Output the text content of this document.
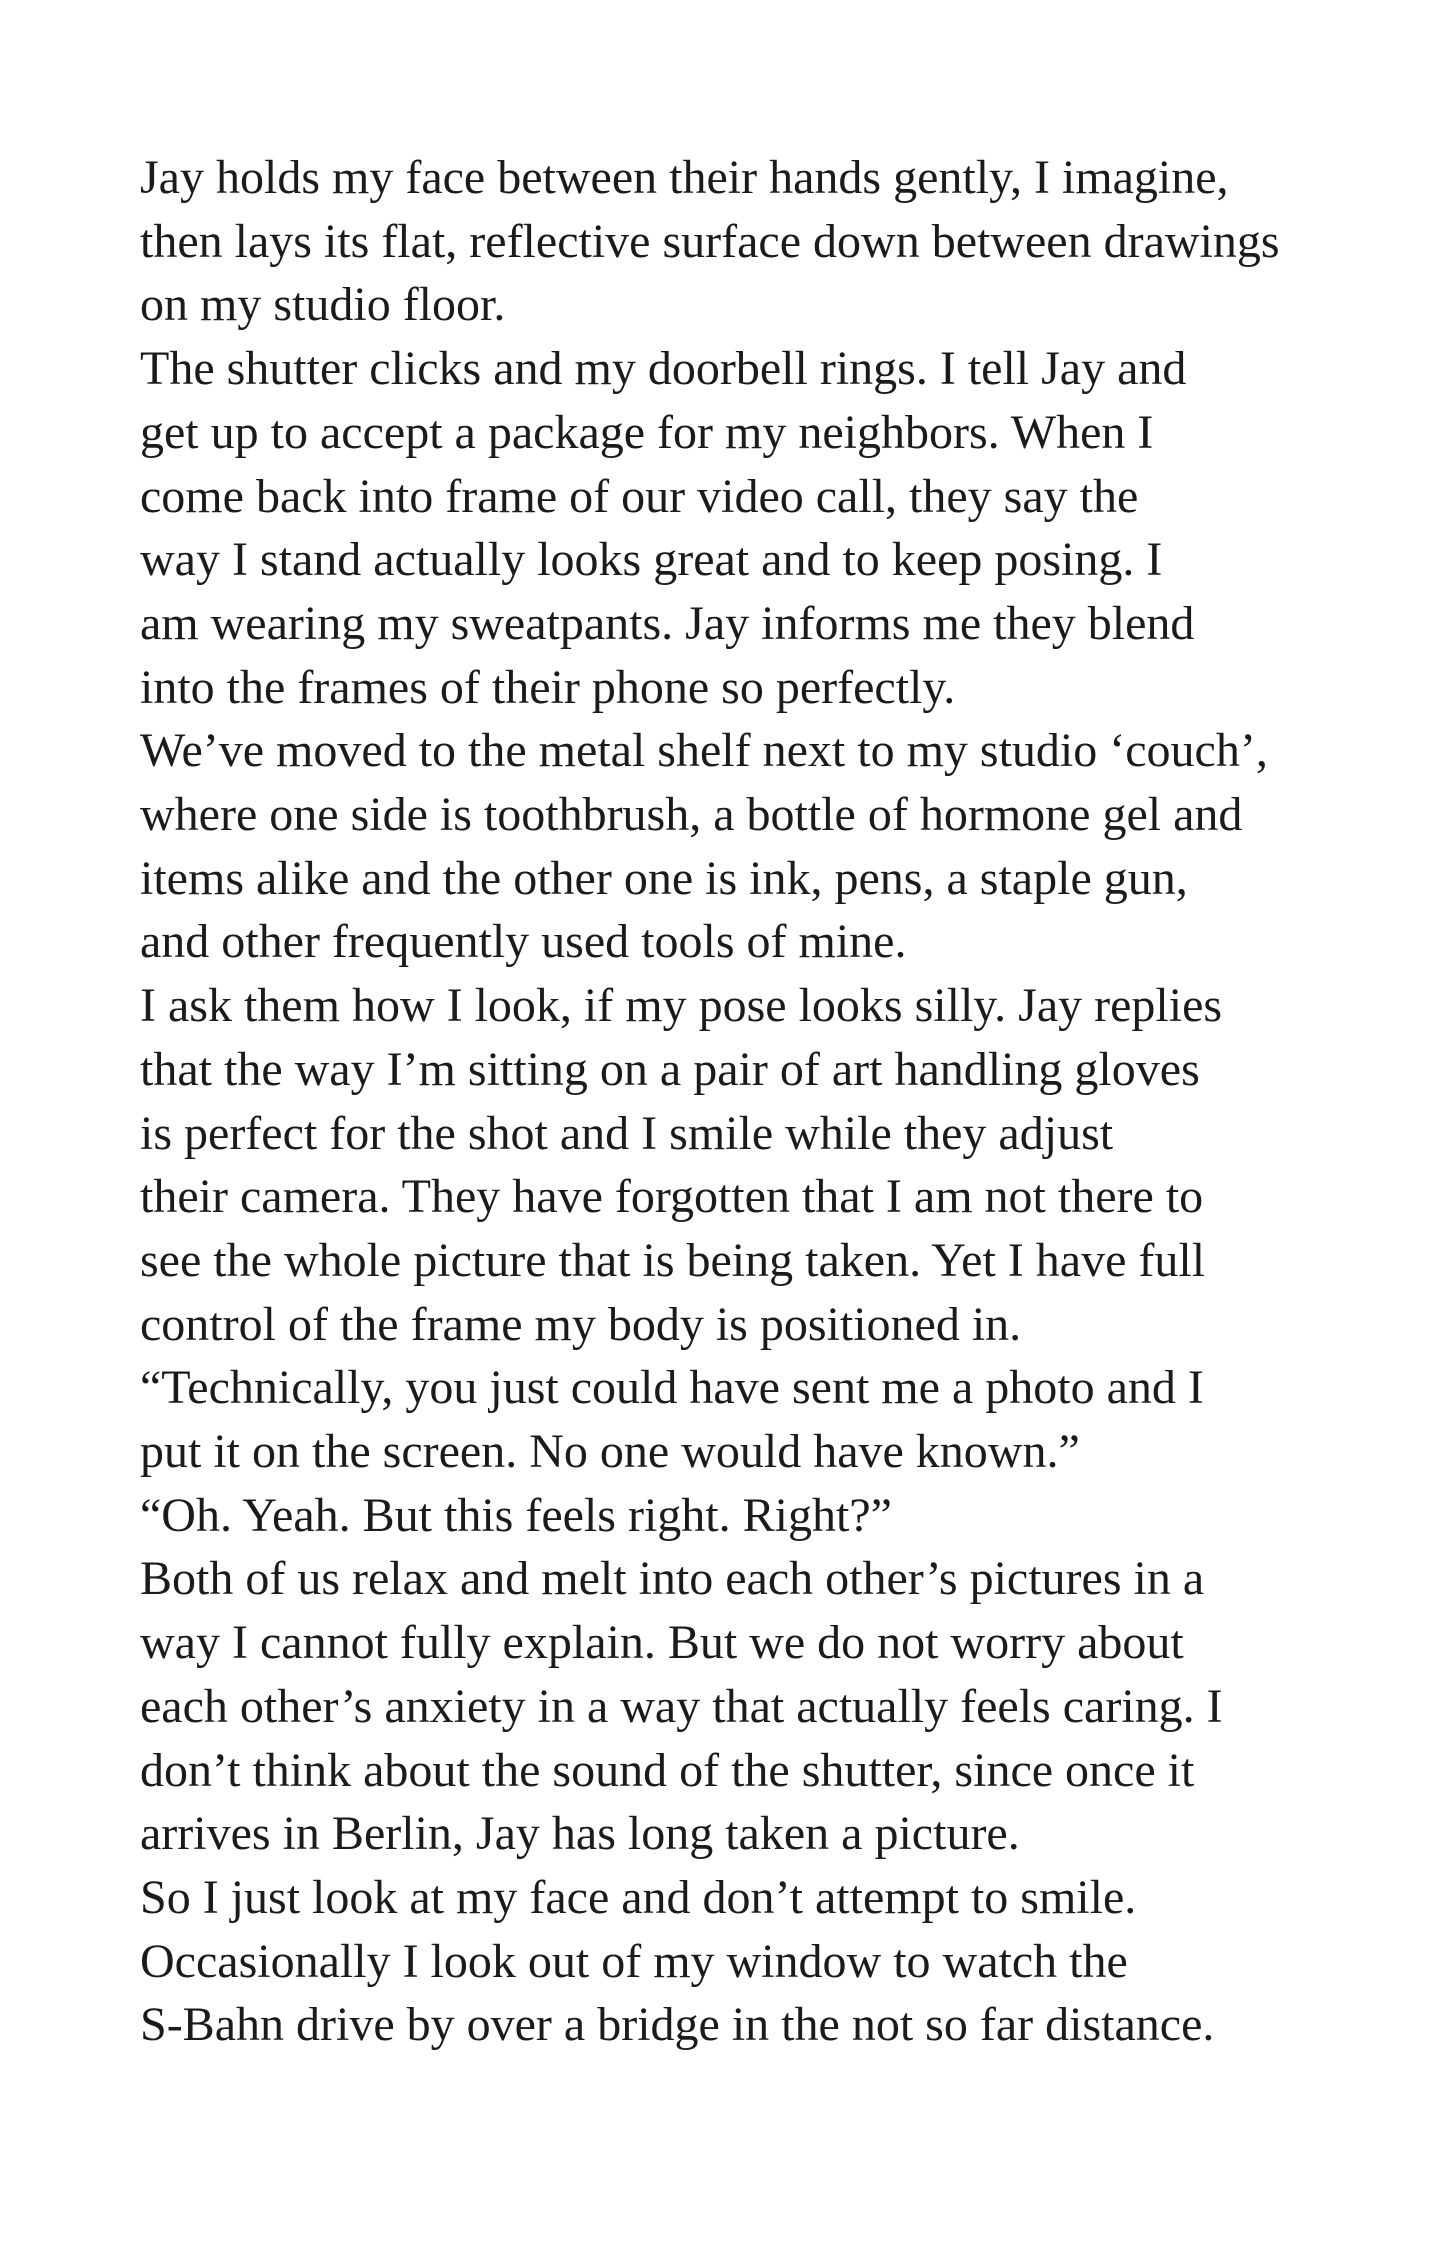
Jay holds my face between their hands gently, I imagine,
then lays its flat, reflective surface down between drawings
on my studio floor.
The shutter clicks and my doorbell rings. I tell Jay and
get up to accept a package for my neighbors. When I
come back into frame of our video call, they say the
way I stand actually looks great and to keep posing. I
am wearing my sweatpants. Jay informs me they blend
into the frames of their phone so perfectly.
We’ve moved to the metal shelf next to my studio ‘couch’,
where one side is toothbrush, a bottle of hormone gel and
items alike and the other one is ink, pens, a staple gun,
and other frequently used tools of mine.
I ask them how I look, if my pose looks silly. Jay replies
that the way I’m sitting on a pair of art handling gloves
is perfect for the shot and I smile while they adjust
their camera. They have forgotten that I am not there to
see the whole picture that is being taken. Yet I have full
control of the frame my body is positioned in.
“Technically, you just could have sent me a photo and I
put it on the screen. No one would have known.”
“Oh. Yeah. But this feels right. Right?”
Both of us relax and melt into each other’s pictures in a
way I cannot fully explain. But we do not worry about
each other’s anxiety in a way that actually feels caring. I
don’t think about the sound of the shutter, since once it
arrives in Berlin, Jay has long taken a picture.
So I just look at my face and don’t attempt to smile.
Occasionally I look out of my window to watch the
S-Bahn drive by over a bridge in the not so far distance.
